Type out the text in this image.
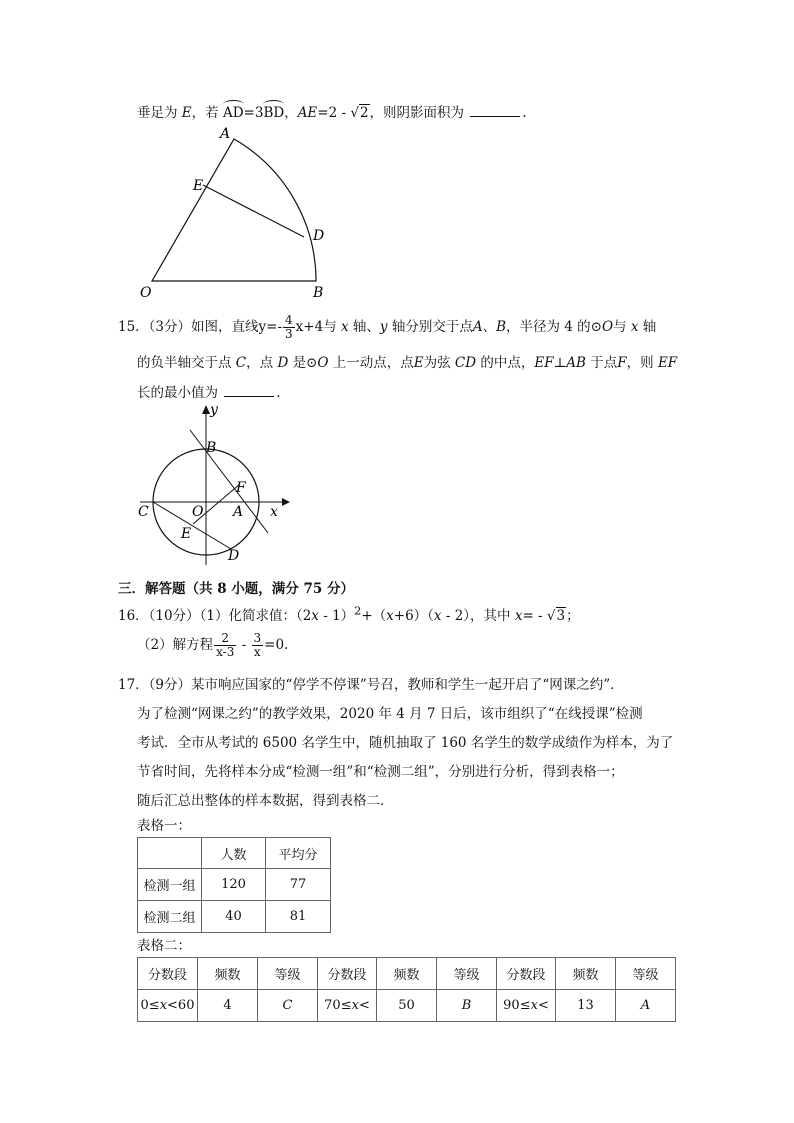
垂足为 E，若 AD=3BD，AE=2 - √2，则阴影面积为	.
A
E
D
O	B
15．（3分）如图，直线$y=- \frac{4}{3} x+4$与 x 轴、y 轴分别交于点A、B，半径为 4 的⊙O与 x 轴
的负半轴交于点 C，点 D 是⊙O 上一动点，点E为弦 CD 的中点，EF⊥AB 于点F，则 EF
长的最小值为	.
y
B
F
C	O A x
E
D
三．解答题（共 8 小题，满分 75 分）
16．（10分）（1）化简求值：（2x - 1）$^2$+（x+6）（x - 2），其中 x= - √3；
（2）解方程 $\frac{2}{x-3} - \frac{3}{x} =0$.
17．（9分）某市响应国家的“停学不停课”号召，教师和学生一起开启了“网课之约”．
为了检测“网课之约”的教学效果，2020 年 4 月 7 日后，该市组织了“在线授课”检测
考试．全市从考试的 6500 名学生中，随机抽取了 160 名学生的数学成绩作为样本，为了
节省时间，先将样本分成“检测一组”和“检测二组”，分别进行分析，得到表格一；
随后汇总出整体的样本数据，得到表格二．
表格一：
	人数	平均分
检测一组	120	77
检测二组	40	81
表格二：
分数段	频数	等级	分数段	频数	等级	分数段	频数	等级
0≤x<60	4	C	70≤x<	50	B	90≤x<	13	A
